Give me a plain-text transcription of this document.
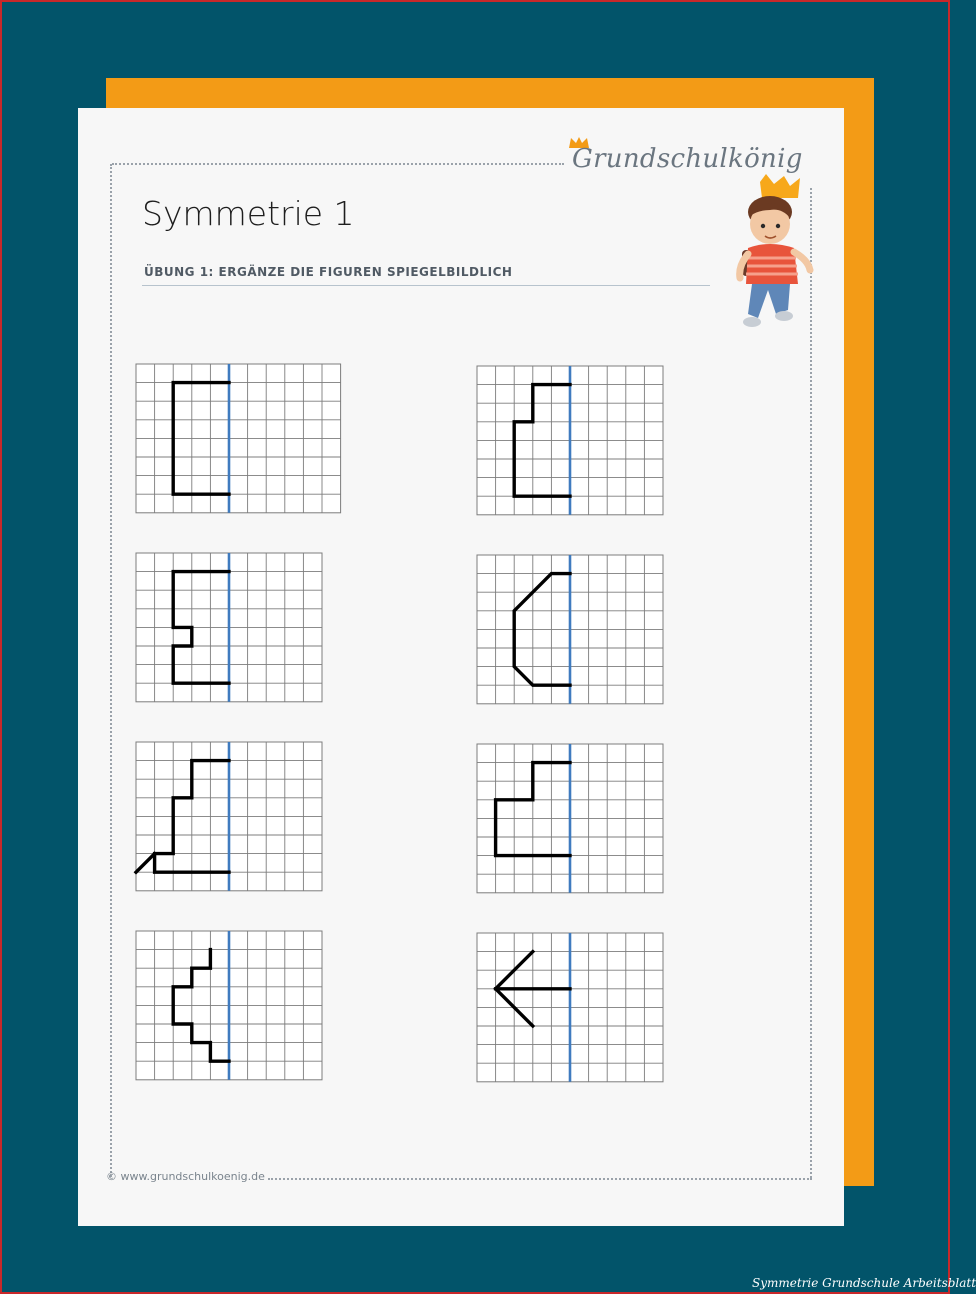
Grundschulkönig
Symmetrie 1
ÜBUNG 1: ERGÄNZE DIE FIGUREN SPIEGELBILDLICH
© www.grundschulkoenig.de
Symmetrie Grundschule Arbeitsblatt
